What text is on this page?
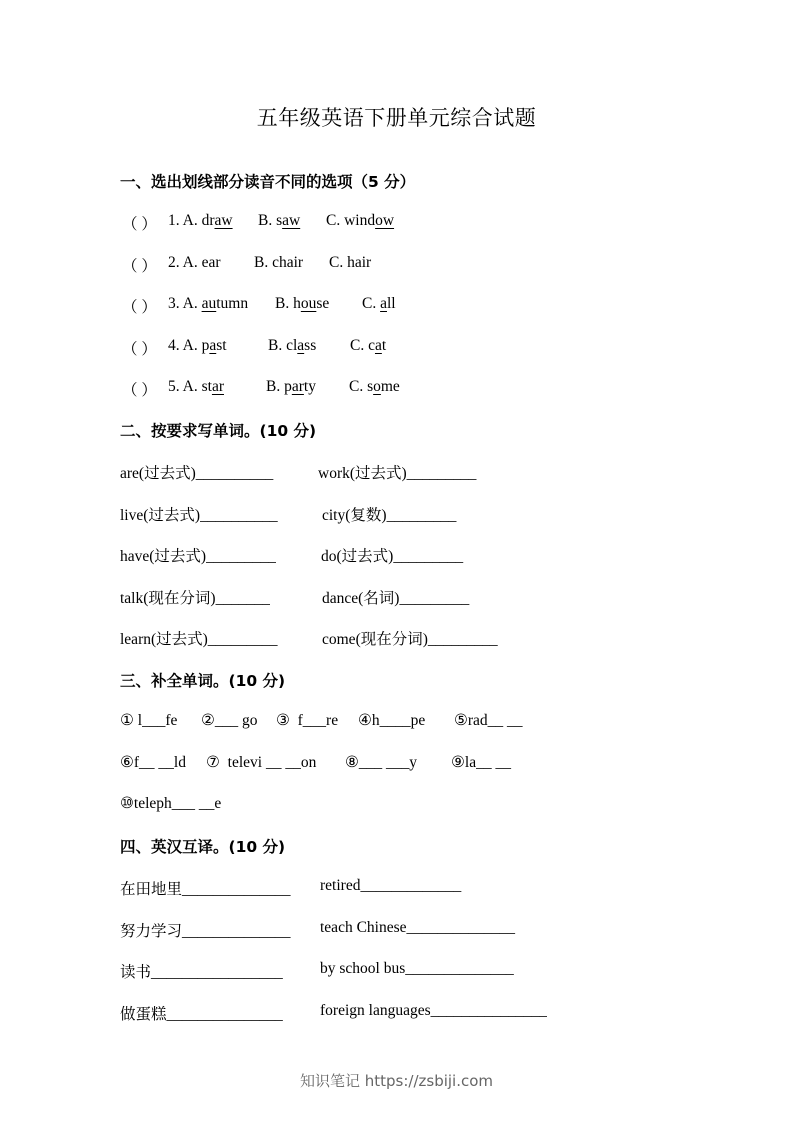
五年级英语下册单元综合试题
一、选出划线部分读音不同的选项（5 分）
（ ） 1. A. draw B. saw C. window
（ ） 2. A. ear B. chair C. hair
（ ） 3. A. autumn B. house C. all
（ ） 4. A. past	B. class C. cat
（ ） 5. A. star	B. party C. some
二、按要求写单词。(10 分)
are(过去式)__________	work(过去式)_________
live(过去式)__________	city(复数)_________
have(过去式)_________	do(过去式)_________
talk(现在分词)_______	dance(名词)_________
learn(过去式)_________	come(现在分词)_________
三、补全单词。(10 分)
① l___fe ②___ go ③  f___re ④h____pe ⑤rad__ __
⑥f__ __ld ⑦  televi __ __on ⑧___ ___y ⑨la__ __
⑩teleph___ __e
四、英汉互译。(10 分)
在田地里______________ retired_____________
努力学习______________ teach Chinese______________
读书_________________ by school bus______________
做蛋糕_______________ foreign languages_______________
知识笔记 https://zsbiji.com
